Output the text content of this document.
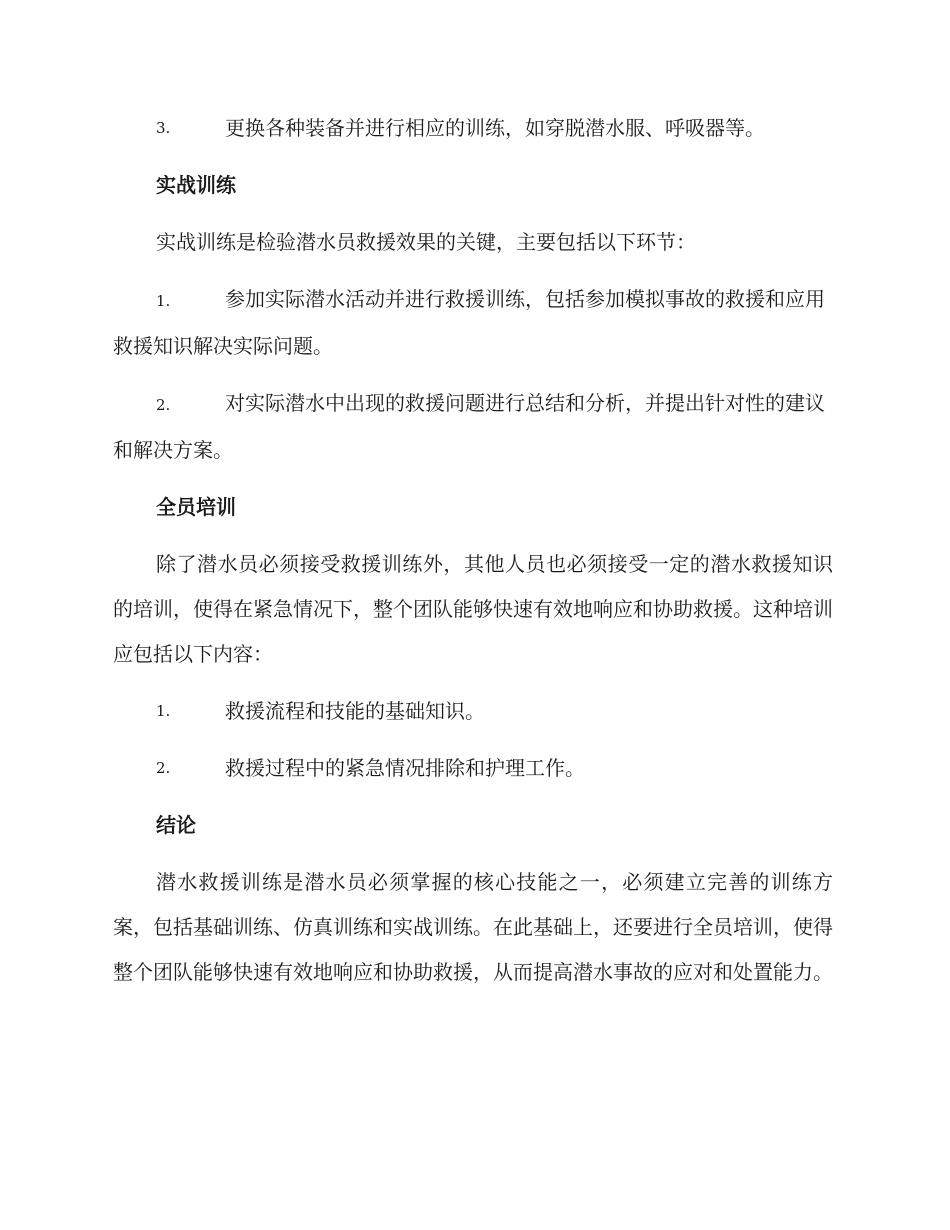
3.	更换各种装备并进行相应的训练，如穿脱潜水服、呼吸器等。
实战训练
实战训练是检验潜水员救援效果的关键，主要包括以下环节：
1.	参加实际潜水活动并进行救援训练，包括参加模拟事故的救援和应用救援知识解决实际问题。
2.	对实际潜水中出现的救援问题进行总结和分析，并提出针对性的建议和解决方案。
全员培训
除了潜水员必须接受救援训练外，其他人员也必须接受一定的潜水救援知识的培训，使得在紧急情况下，整个团队能够快速有效地响应和协助救援。这种培训应包括以下内容：
1.	救援流程和技能的基础知识。
2.	救援过程中的紧急情况排除和护理工作。
结论
潜水救援训练是潜水员必须掌握的核心技能之一，必须建立完善的训练方案，包括基础训练、仿真训练和实战训练。在此基础上，还要进行全员培训，使得整个团队能够快速有效地响应和协助救援，从而提高潜水事故的应对和处置能力。
